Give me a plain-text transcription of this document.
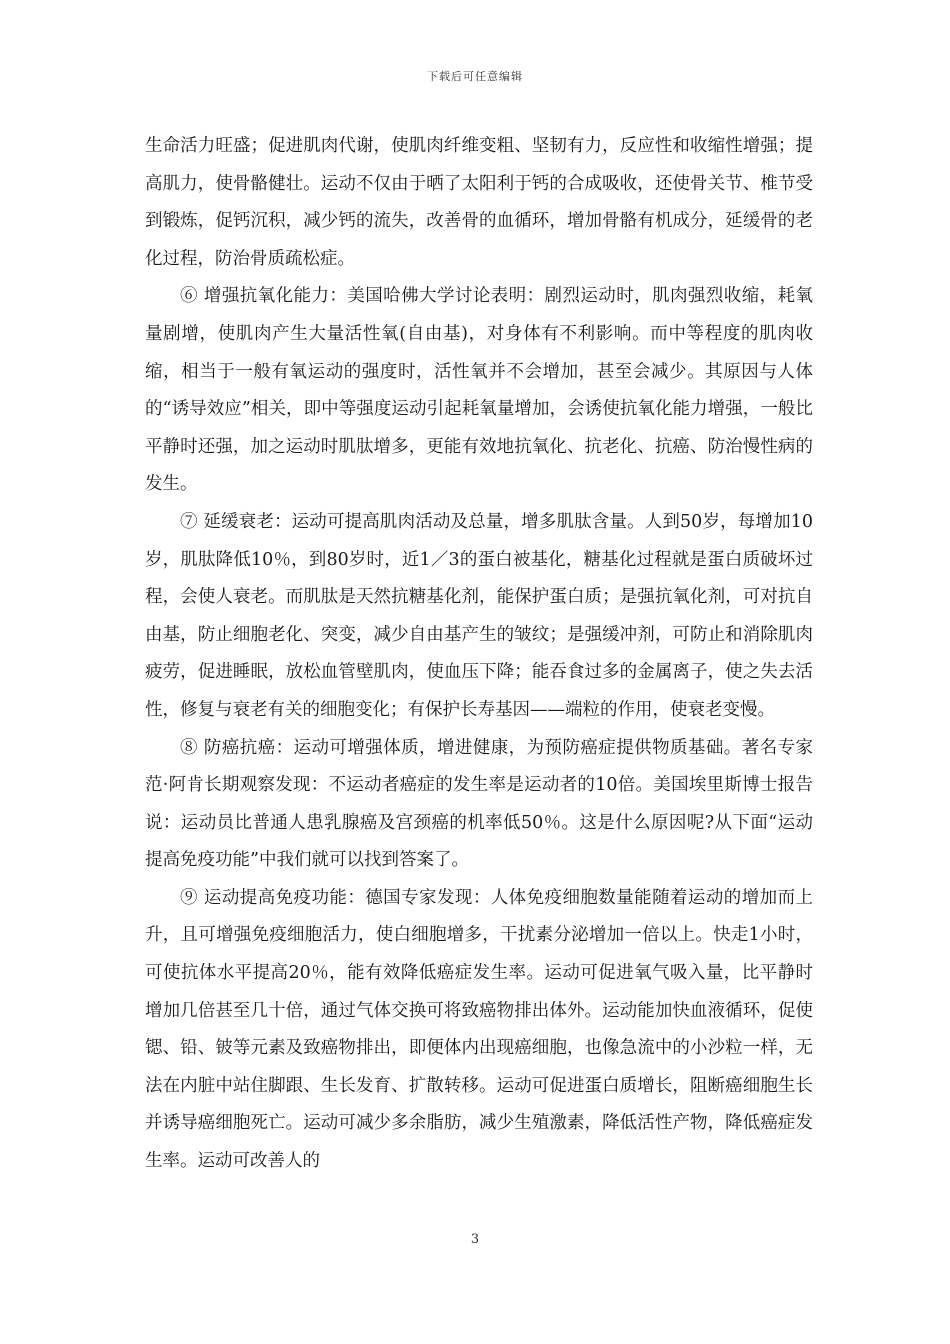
下载后可任意编辑

生命活力旺盛；促进肌肉代谢，使肌肉纤维变粗、坚韧有力，反应性和收缩性增强；提高肌力，使骨骼健壮。运动不仅由于晒了太阳利于钙的合成吸收，还使骨关节、椎节受到锻炼，促钙沉积，减少钙的流失，改善骨的血循环，增加骨骼有机成分，延缓骨的老化过程，防治骨质疏松症。

⑥ 增强抗氧化能力：美国哈佛大学讨论表明：剧烈运动时，肌肉强烈收缩，耗氧量剧增，使肌肉产生大量活性氧(自由基)，对身体有不利影响。而中等程度的肌肉收缩，相当于一般有氧运动的强度时，活性氧并不会增加，甚至会减少。其原因与人体的“诱导效应”相关，即中等强度运动引起耗氧量增加，会诱使抗氧化能力增强，一般比平静时还强，加之运动时肌肽增多，更能有效地抗氧化、抗老化、抗癌、防治慢性病的发生。

⑦ 延缓衰老：运动可提高肌肉活动及总量，增多肌肽含量。人到50岁，每增加10岁，肌肽降低10％，到80岁时，近1／3的蛋白被基化，糖基化过程就是蛋白质破坏过程，会使人衰老。而肌肽是天然抗糖基化剂，能保护蛋白质；是强抗氧化剂，可对抗自由基，防止细胞老化、突变，减少自由基产生的皱纹；是强缓冲剂，可防止和消除肌肉疲劳，促进睡眠，放松血管壁肌肉，使血压下降；能吞食过多的金属离子，使之失去活性，修复与衰老有关的细胞变化；有保护长寿基因——端粒的作用，使衰老变慢。

⑧ 防癌抗癌：运动可增强体质，增进健康，为预防癌症提供物质基础。著名专家范·阿肯长期观察发现：不运动者癌症的发生率是运动者的10倍。美国埃里斯博士报告说：运动员比普通人患乳腺癌及宫颈癌的机率低50％。这是什么原因呢?从下面“运动提高免疫功能”中我们就可以找到答案了。

⑨ 运动提高免疫功能：德国专家发现：人体免疫细胞数量能随着运动的增加而上升，且可增强免疫细胞活力，使白细胞增多，干扰素分泌增加一倍以上。快走1小时，可使抗体水平提高20％，能有效降低癌症发生率。运动可促进氧气吸入量，比平静时增加几倍甚至几十倍，通过气体交换可将致癌物排出体外。运动能加快血液循环，促使锶、铅、铍等元素及致癌物排出，即便体内出现癌细胞，也像急流中的小沙粒一样，无法在内脏中站住脚跟、生长发育、扩散转移。运动可促进蛋白质增长，阻断癌细胞生长并诱导癌细胞死亡。运动可减少多余脂肪，减少生殖激素，降低活性产物，降低癌症发生率。运动可改善人的

3
